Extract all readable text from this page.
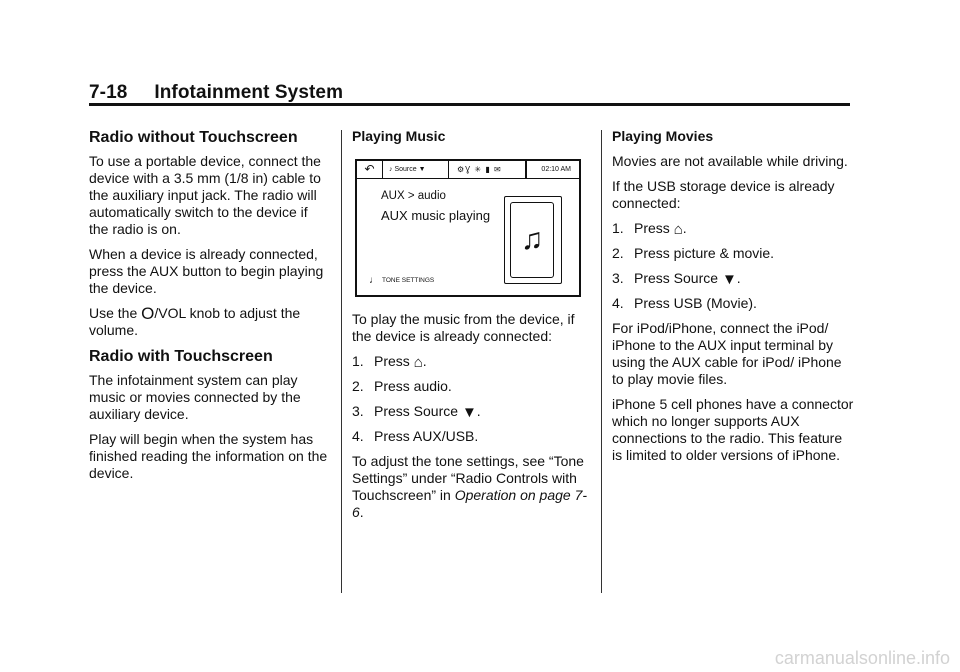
7-18     Infotainment System
Radio without Touchscreen

To use a portable device, connect the device with a 3.5 mm (1/8 in) cable to the auxiliary input jack. The radio will automatically switch to the device if the radio is on.

When a device is already connected, press the AUX button to begin playing the device.

Use the O/VOL knob to adjust the volume.

Radio with Touchscreen

The infotainment system can play music or movies connected by the auxiliary device.

Play will begin when the system has finished reading the information on the device.

Playing Music
↶	♪ Source ▼	⚙Ɣ ✳ ▮ ✉	02:10 AM
AUX > audio
AUX music playing
♫
♩ TONE SETTINGS

To play the music from the device, if the device is already connected:

1. Press ⌂.

2. Press audio.

3. Press Source ▼.

4. Press AUX/USB.

To adjust the tone settings, see “Tone Settings” under “Radio Controls with Touchscreen” in Operation on page 7-6.

Playing Movies

Movies are not available while driving.

If the USB storage device is already connected:

1. Press ⌂.

2. Press picture & movie.

3. Press Source ▼.

4. Press USB (Movie).

For iPod/iPhone, connect the iPod/ iPhone to the AUX input terminal by using the AUX cable for iPod/ iPhone to play movie files.

iPhone 5 cell phones have a connector which no longer supports AUX connections to the radio. This feature is limited to older versions of iPhone.

carmanualsonline.info
